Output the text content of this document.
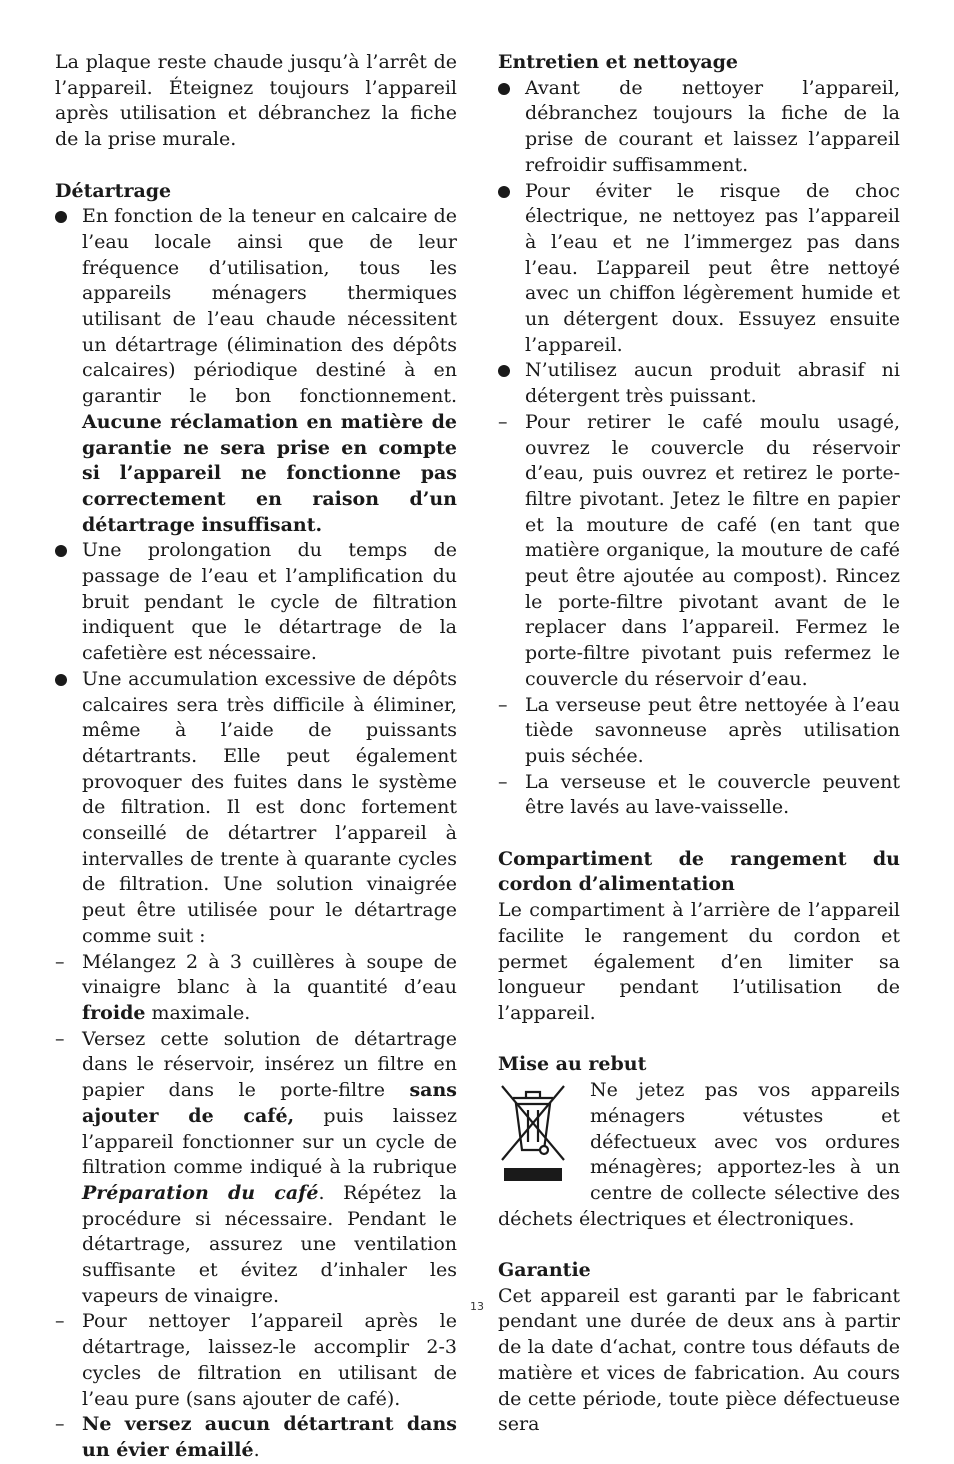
La plaque reste chaude jusqu’à l’arrêt de l’appareil. Éteignez toujours l’appareil après utilisation et débranchez la fiche de la prise murale.

Détartrage
En fonction de la teneur en calcaire de l’eau locale ainsi que de leur fréquence d’utilisation, tous les appareils ménagers thermiques utilisant de l’eau chaude nécessitent un détartrage (élimination des dépôts calcaires) périodique destiné à en garantir le bon fonctionnement. Aucune réclamation en matière de garantie ne sera prise en compte si l’appareil ne fonctionne pas correctement en raison d’un détartrage insuffisant.
Une prolongation du temps de passage de l’eau et l’amplification du bruit pendant le cycle de filtration indiquent que le détartrage de la cafetière est nécessaire.
Une accumulation excessive de dépôts calcaires sera très difficile à éliminer, même à l’aide de puissants détartrants. Elle peut également provoquer des fuites dans le système de filtration. Il est donc fortement conseillé de détartrer l’appareil à intervalles de trente à quarante cycles de filtration. Une solution vinaigrée peut être utilisée pour le détartrage comme suit :
– Mélangez 2 à 3 cuillères à soupe de vinaigre blanc à la quantité d’eau froide maximale.
– Versez cette solution de détartrage dans le réservoir, insérez un filtre en papier dans le porte-filtre sans ajouter de café, puis laissez l’appareil fonctionner sur un cycle de filtration comme indiqué à la rubrique Préparation du café. Répétez la procédure si nécessaire. Pendant le détartrage, assurez une ventilation suffisante et évitez d’inhaler les vapeurs de vinaigre.
– Pour nettoyer l’appareil après le détartrage, laissez-le accomplir 2-3 cycles de filtration en utilisant de l’eau pure (sans ajouter de café).
– Ne versez aucun détartrant dans un évier émaillé.
Entretien et nettoyage
Avant de nettoyer l’appareil, débranchez toujours la fiche de la prise de courant et laissez l’appareil refroidir suffisamment.
Pour éviter le risque de choc électrique, ne nettoyez pas l’appareil à l’eau et ne l’immergez pas dans l’eau. L’appareil peut être nettoyé avec un chiffon légèrement humide et un détergent doux. Essuyez ensuite l’appareil.
N’utilisez aucun produit abrasif ni détergent très puissant.
– Pour retirer le café moulu usagé, ouvrez le couvercle du réservoir d’eau, puis ouvrez et retirez le porte-filtre pivotant. Jetez le filtre en papier et la mouture de café (en tant que matière organique, la mouture de café peut être ajoutée au compost). Rincez le porte-filtre pivotant avant de le replacer dans l’appareil. Fermez le porte-filtre pivotant puis refermez le couvercle du réservoir d’eau.
– La verseuse peut être nettoyée à l’eau tiède savonneuse après utilisation puis séchée.
– La verseuse et le couvercle peuvent être lavés au lave-vaisselle.
Compartiment de rangement du cordon d’alimentation

Le compartiment à l’arrière de l’appareil facilite le rangement du cordon et permet également d’en limiter sa longueur pendant l’utilisation de l’appareil.

Mise au rebut

Ne jetez pas vos appareils ménagers vétustes et défectueux avec vos ordures ménagères; apportez-les à un centre de collecte sélective des déchets électriques et électroniques.

Garantie

Cet appareil est garanti par le fabricant pendant une durée de deux ans à partir de la date d‘achat, contre tous défauts de matière et vices de fabrication. Au cours de cette période, toute pièce défectueuse sera

13
